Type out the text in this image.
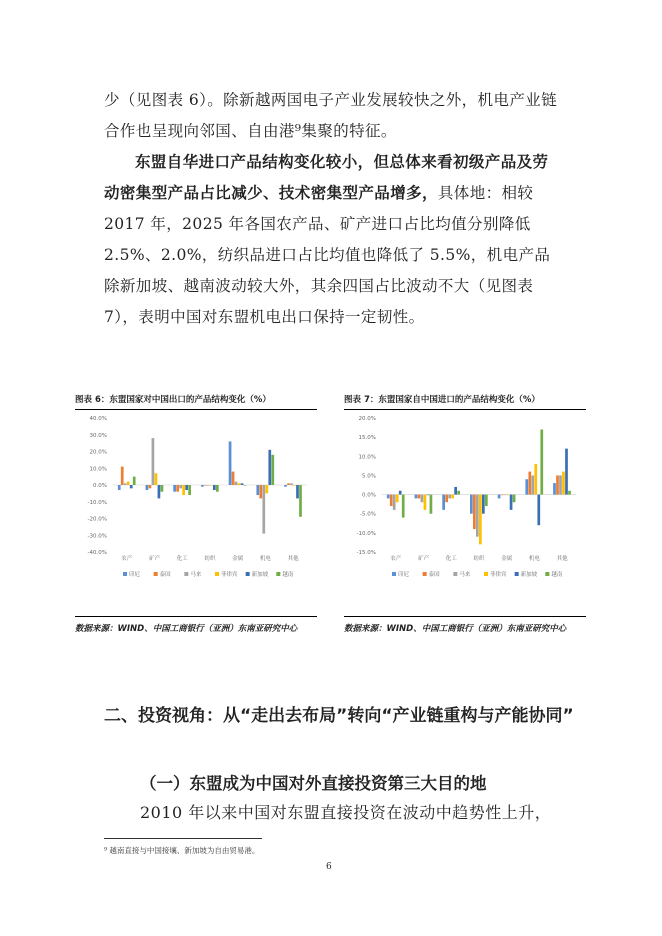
少（见图表 6）。除新越两国电子产业发展较快之外，机电产业链合作也呈现向邻国、自由港⁹集聚的特征。
东盟自华进口产品结构变化较小，但总体来看初级产品及劳动密集型产品占比减少、技术密集型产品增多，具体地：相较 2017 年，2025 年各国农产品、矿产进口占比均值分别降低 2.5%、2.0%，纺织品进口占比均值也降低了 5.5%，机电产品除新加坡、越南波动较大外，其余四国占比波动不大（见图表 7），表明中国对东盟机电出口保持一定韧性。
图表 6：东盟国家对中国出口的产品结构变化（%）
40.0%
30.0%
20.0%
10.0%
0.0%
-10.0%
-20.0%
-30.0%
-40.0%
农产	矿产	化工	纺织	金属	机电	其他
印尼	泰国	马来	菲律宾	新加坡	越南
数据来源：WIND、中国工商银行（亚洲）东南亚研究中心
图表 7：东盟国家自中国进口的产品结构变化（%）
20.0%
15.0%
10.0%
5.0%
0.0%
-5.0%
-10.0%
-15.0%
农产	矿产	化工	纺织	金属	机电	其他
印尼	泰国	马来	菲律宾	新加坡	越南
数据来源：WIND、中国工商银行（亚洲）东南亚研究中心
二、投资视角：从“走出去布局”转向“产业链重构与产能协同”
（一）东盟成为中国对外直接投资第三大目的地
2010 年以来中国对东盟直接投资在波动中趋势性上升，
⁹ 越南直接与中国接壤、新加坡为自由贸易港。
6
